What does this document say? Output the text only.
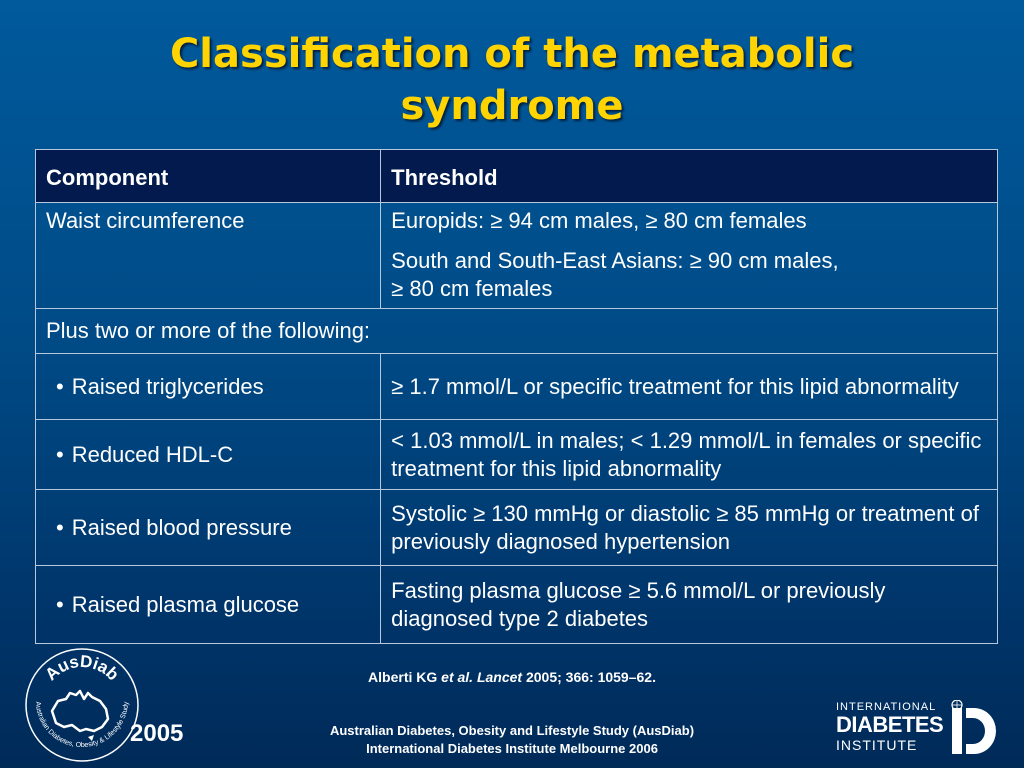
Classification of the metabolic
syndrome
Component	Threshold
Waist circumference	Europids: ≥ 94 cm males, ≥ 80 cm females
South and South-East Asians: ≥ 90 cm males,
≥ 80 cm females

Plus two or more of the following:	
• Raised triglycerides	≥ 1.7 mmol/L or specific treatment for this lipid abnormality
• Reduced HDL-C	< 1.03 mmol/L in males; < 1.29 mmol/L in females or specific treatment for this lipid abnormality
• Raised blood pressure	Systolic ≥ 130 mmHg or diastolic ≥ 85 mmHg or treatment of previously diagnosed hypertension
• Raised plasma glucose	Fasting plasma glucose ≥ 5.6 mmol/L or previously diagnosed type 2 diabetes
Alberti KG et al. Lancet 2005; 366: 1059–62.
Australian Diabetes, Obesity and Lifestyle Study (AusDiab)
International Diabetes Institute Melbourne 2006
AusDiab
Australian Diabetes, Obesity & Lifestyle Study
2005
INTERNATIONAL
DIABETES
INSTITUTE
